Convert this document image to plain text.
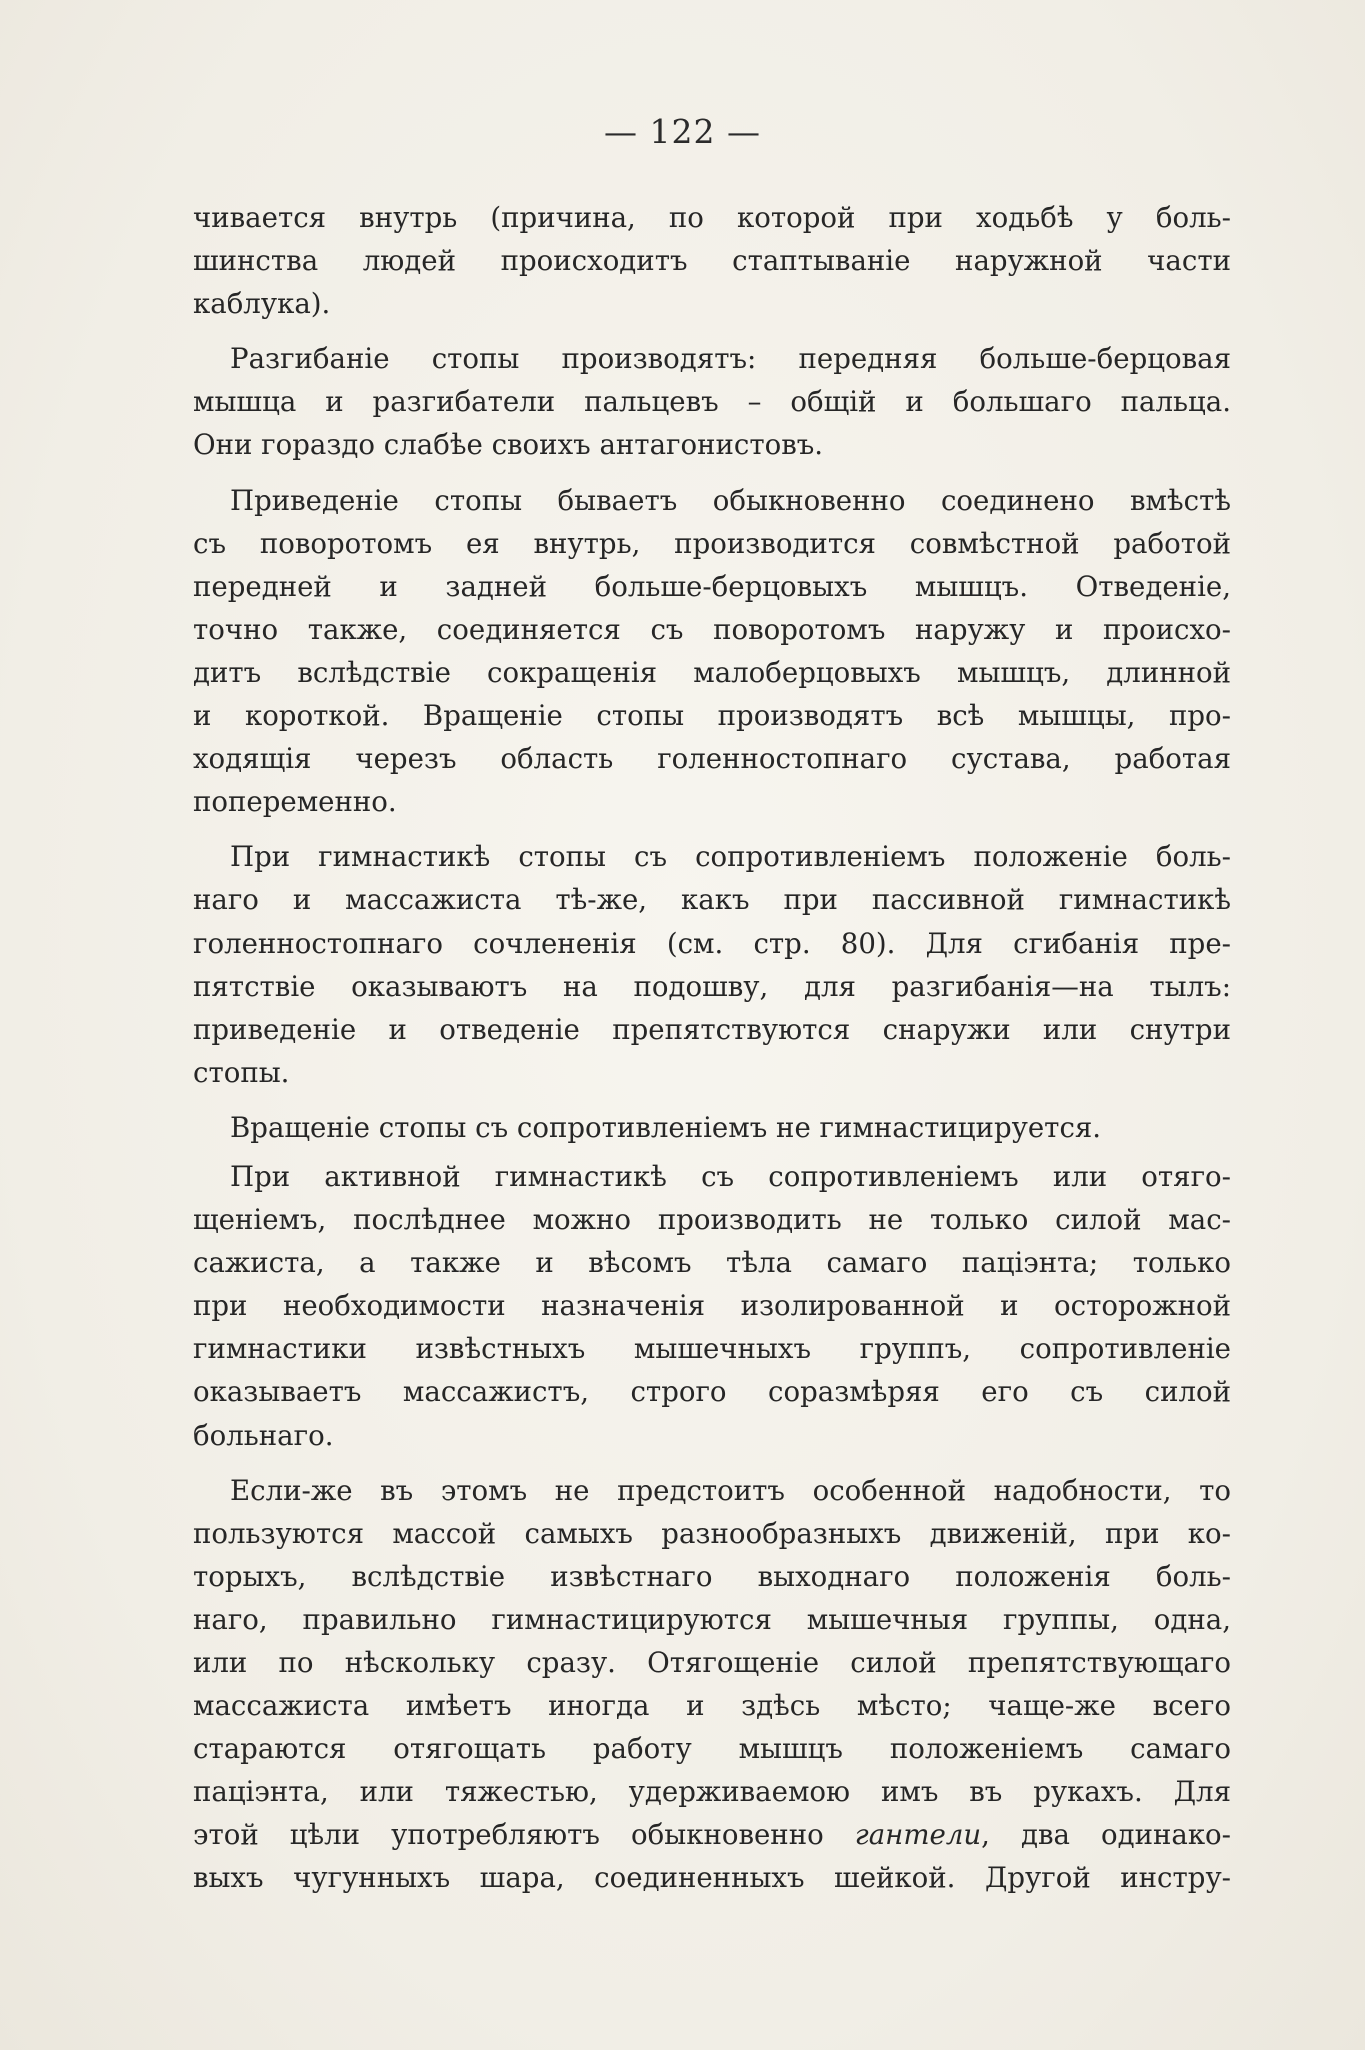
— 122 —

чивается внутрь (причина, по которой при ходьбѣ у боль-

шинства людей происходитъ стаптываніе наружной части

каблука).

Разгибаніе стопы производятъ: передняя больше-берцовая

мышца и разгибатели пальцевъ – общій и большаго пальца.

Они гораздо слабѣе своихъ антагонистовъ.

Приведеніе стопы бываетъ обыкновенно соединено вмѣстѣ

съ поворотомъ ея внутрь, производится совмѣстной работой

передней и задней больше-берцовыхъ мышцъ. Отведеніе,

точно также, соединяется съ поворотомъ наружу и происхо-

дитъ вслѣдствіе сокращенія малоберцовыхъ мышцъ, длинной

и короткой. Вращеніе стопы производятъ всѣ мышцы, про-

ходящія черезъ область голенностопнаго сустава, работая

попеременно.

При гимнастикѣ стопы съ сопротивленіемъ положеніе боль-

наго и массажиста тѣ-же, какъ при пассивной гимнастикѣ

голенностопнаго сочлененія (см. стр. 80). Для сгибанія пре-

пятствіе оказываютъ на подошву, для разгибанія—на тылъ:

приведеніе и отведеніе препятствуются снаружи или снутри

стопы.

Вращеніе стопы съ сопротивленіемъ не гимнастицируется.

При активной гимнастикѣ съ сопротивленіемъ или отяго-

щеніемъ, послѣднее можно производить не только силой мас-

сажиста, а также и вѣсомъ тѣла самаго паціэнта; только

при необходимости назначенія изолированной и осторожной

гимнастики извѣстныхъ мышечныхъ группъ, сопротивленіе

оказываетъ массажистъ, строго соразмѣряя его съ силой

больнаго.

Если-же въ этомъ не предстоитъ особенной надобности, то

пользуются массой самыхъ разнообразныхъ движеній, при ко-

торыхъ, вслѣдствіе извѣстнаго выходнаго положенія боль-

наго, правильно гимнастицируются мышечныя группы, одна,

или по нѣскольку сразу. Отягощеніе силой препятствующаго

массажиста имѣетъ иногда и здѣсь мѣсто; чаще-же всего

стараются отягощать работу мышцъ положеніемъ самаго

паціэнта, или тяжестью, удерживаемою имъ въ рукахъ. Для

этой цѣли употребляютъ обыкновенно гантели, два одинако-

выхъ чугунныхъ шара, соединенныхъ шейкой. Другой инстру-
